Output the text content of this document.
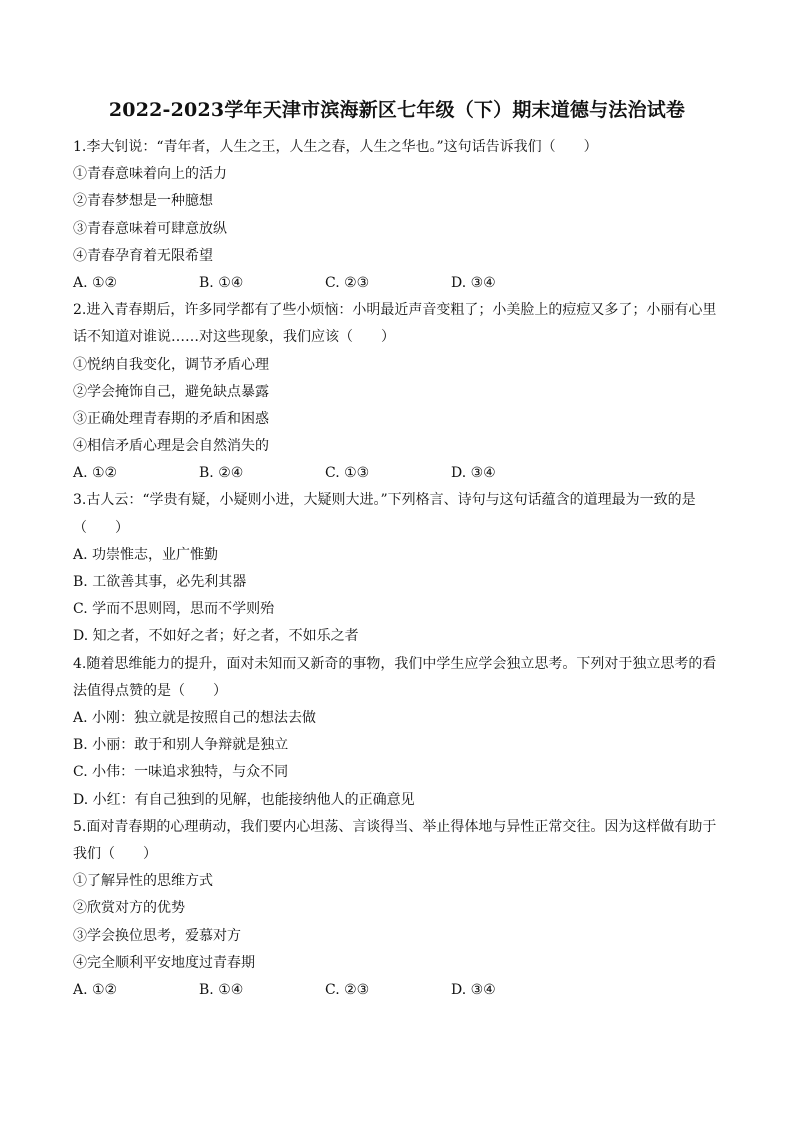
2022-2023学年天津市滨海新区七年级（下）期末道德与法治试卷
1.李大钊说：“青年者，人生之王，人生之春，人生之华也。”这句话告诉我们（　　）
①青春意味着向上的活力
②青春梦想是一种臆想
③青春意味着可肆意放纵
④青春孕育着无限希望
A. ①②	B. ①④	C. ②③	D. ③④
2.进入青春期后，许多同学都有了些小烦恼：小明最近声音变粗了；小美脸上的痘痘又多了；小丽有心里话不知道对谁说……对这些现象，我们应该（　　）
①悦纳自我变化，调节矛盾心理
②学会掩饰自己，避免缺点暴露
③正确处理青春期的矛盾和困惑
④相信矛盾心理是会自然消失的
A. ①②	B. ②④	C. ①③	D. ③④
3.古人云：“学贵有疑，小疑则小进，大疑则大进。”下列格言、诗句与这句话蕴含的道理最为一致的是（　　）
A. 功崇惟志，业广惟勤
B. 工欲善其事，必先利其器
C. 学而不思则罔，思而不学则殆
D. 知之者，不如好之者；好之者，不如乐之者
4.随着思维能力的提升，面对未知而又新奇的事物，我们中学生应学会独立思考。下列对于独立思考的看法值得点赞的是（　　）
A. 小刚：独立就是按照自己的想法去做
B. 小丽：敢于和别人争辩就是独立
C. 小伟：一味追求独特，与众不同
D. 小红：有自己独到的见解，也能接纳他人的正确意见
5.面对青春期的心理萌动，我们要内心坦荡、言谈得当、举止得体地与异性正常交往。因为这样做有助于我们（　　）
①了解异性的思维方式
②欣赏对方的优势
③学会换位思考，爱慕对方
④完全顺利平安地度过青春期
A. ①②	B. ①④	C. ②③	D. ③④
